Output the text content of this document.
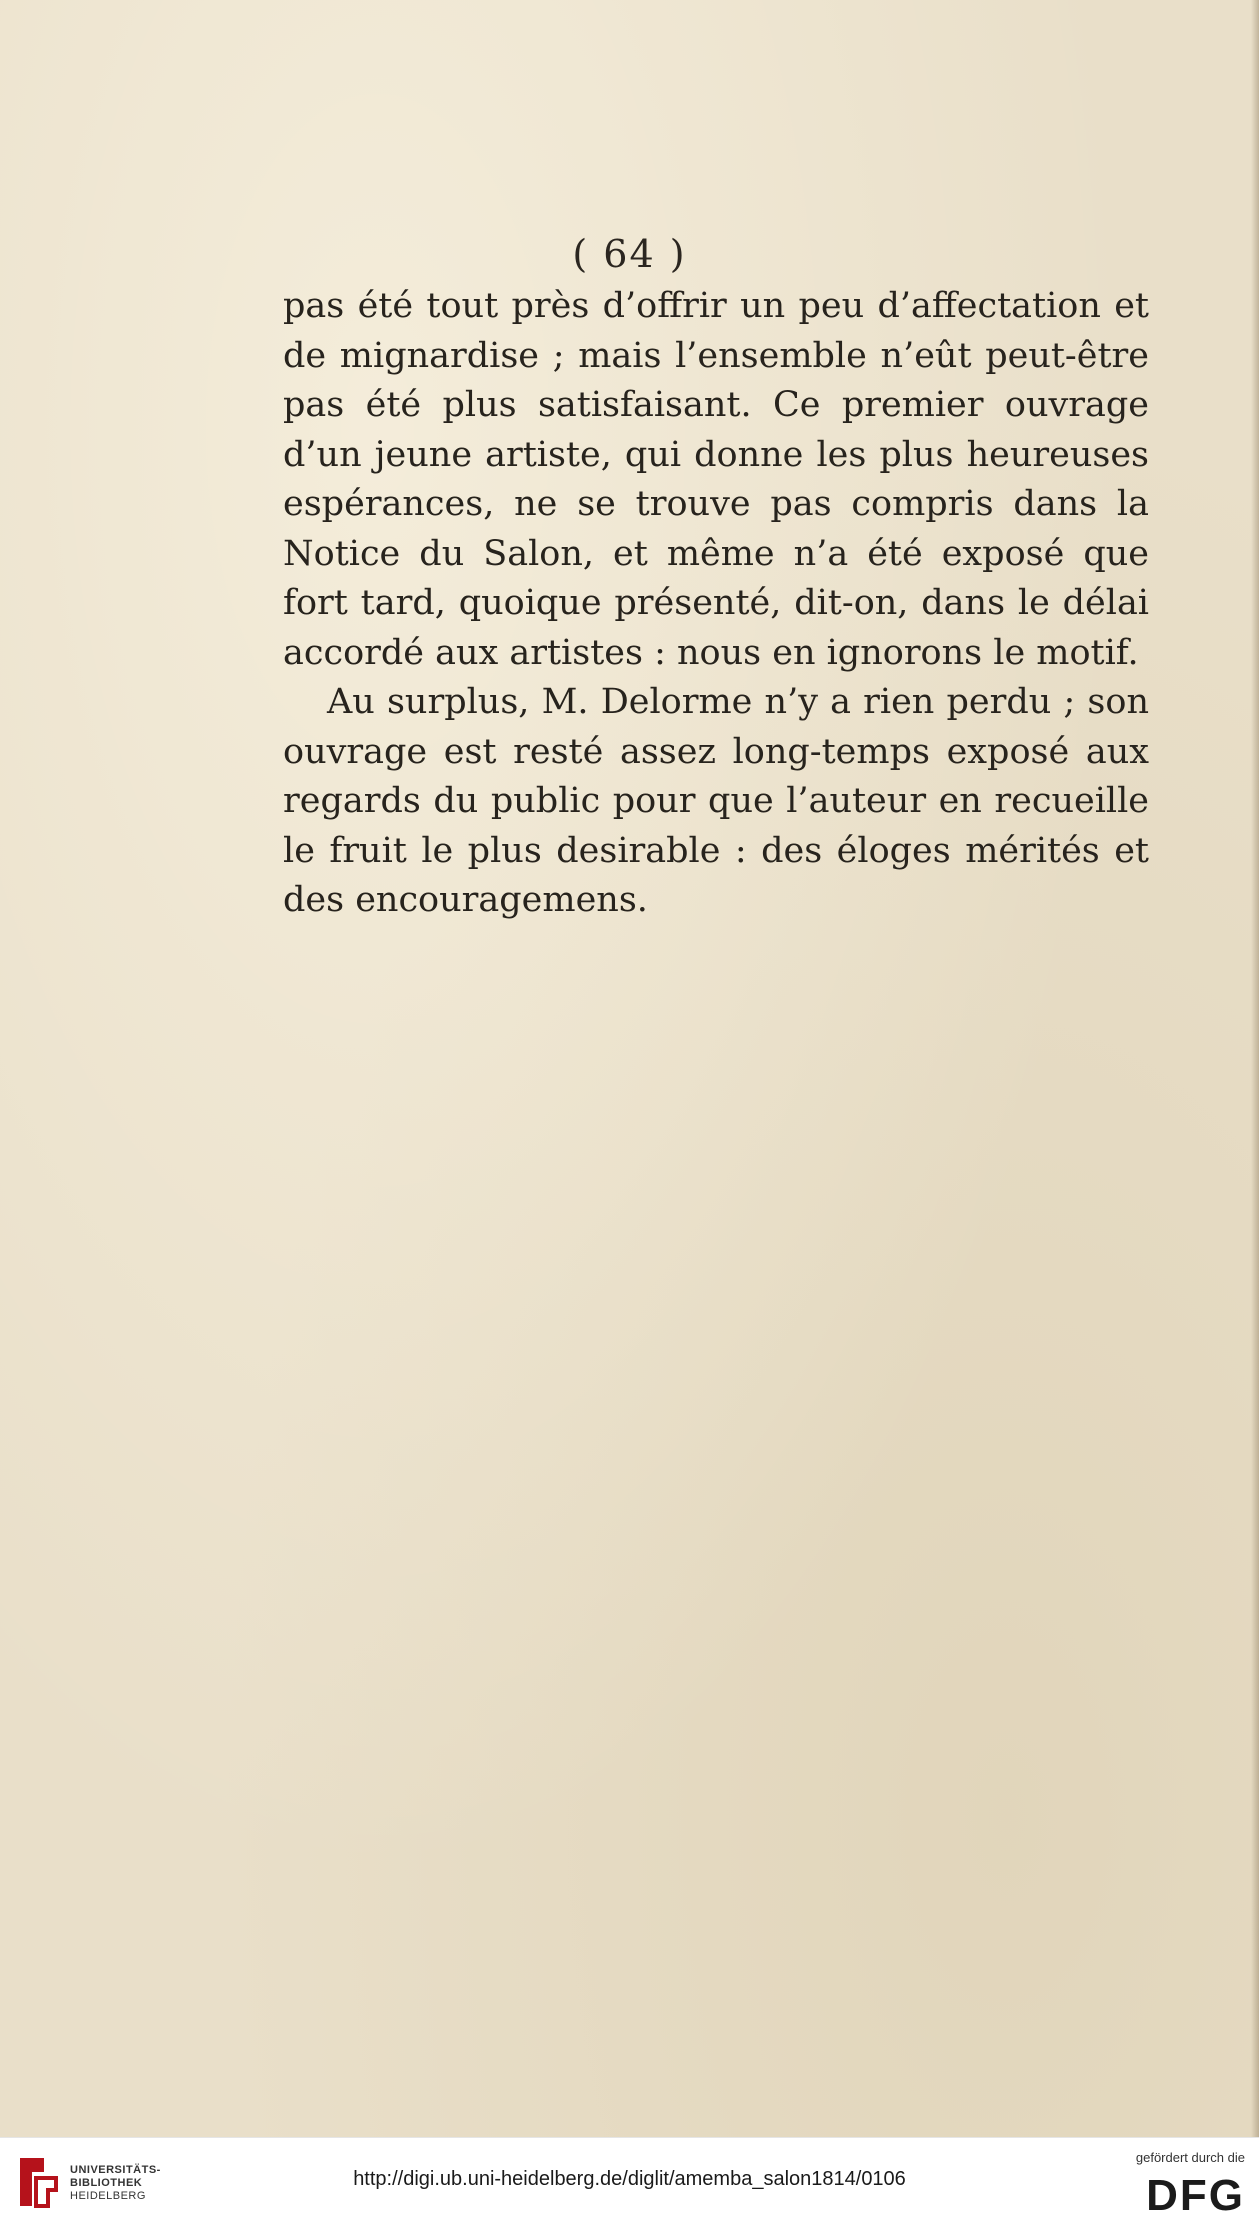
( 64 )

pas été tout près d’offrir un peu d’affectation et de mignardise ; mais l’ensemble n’eût peut-être pas été plus satisfaisant. Ce premier ouvrage d’un jeune artiste, qui donne les plus heureuses espérances, ne se trouve pas compris dans la Notice du Salon, et même n’a été exposé que fort tard, quoique présenté, dit-on, dans le délai accordé aux artistes : nous en ignorons le motif.

Au surplus, M. Delorme n’y a rien perdu ; son ouvrage est resté assez long-temps exposé aux regards du public pour que l’auteur en recueille le fruit le plus desirable : des éloges mérités et des encouragemens.

UNIVERSITÄTS-
BIBLIOTHEK
HEIDELBERG
http://digi.ub.uni-heidelberg.de/diglit/amemba_salon1814/0106
gefördert durch die
DFG
